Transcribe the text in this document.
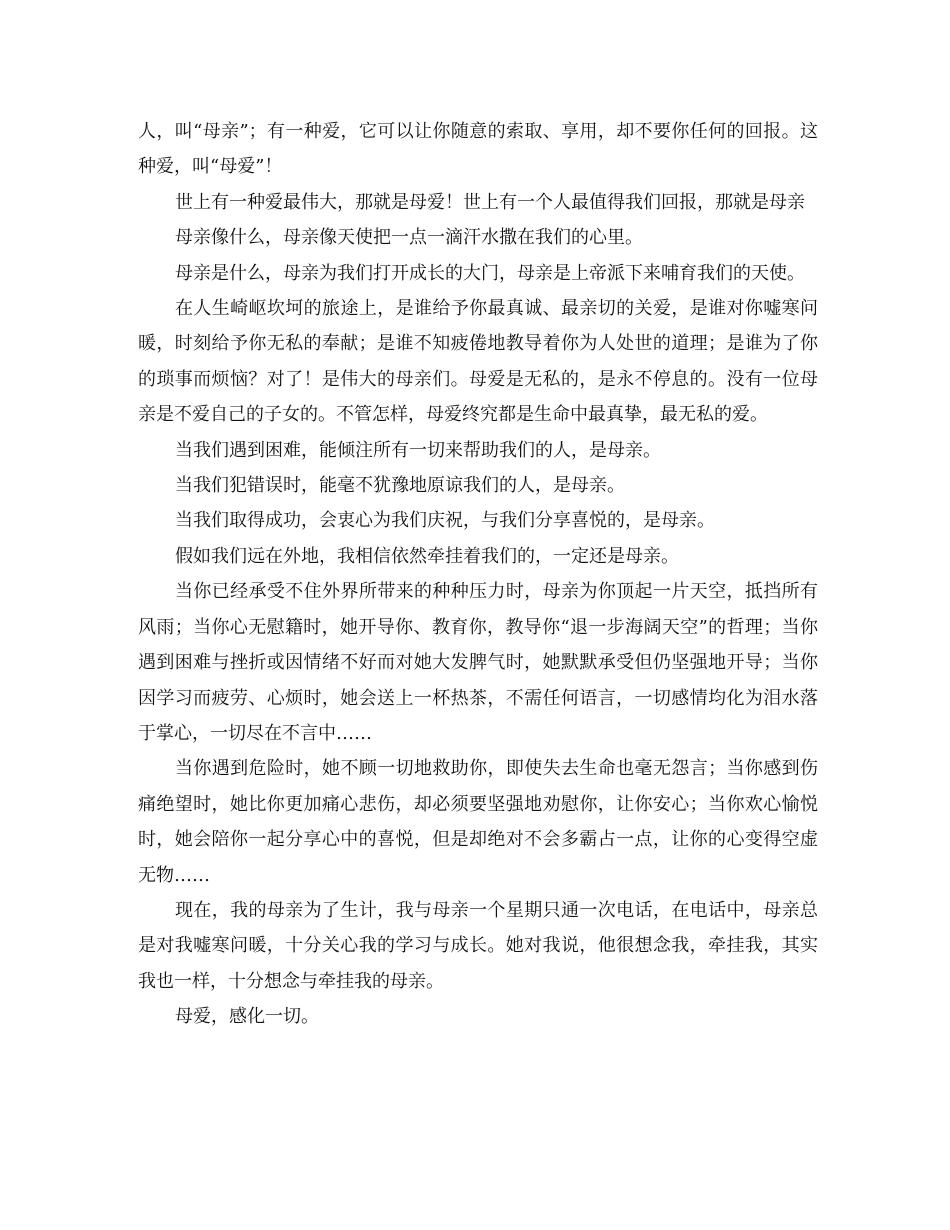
人，叫“母亲”；有一种爱，它可以让你随意的索取、享用，却不要你任何的回报。这种爱，叫“母爱”！

世上有一种爱最伟大，那就是母爱！世上有一个人最值得我们回报，那就是母亲

母亲像什么，母亲像天使把一点一滴汗水撒在我们的心里。

母亲是什么，母亲为我们打开成长的大门，母亲是上帝派下来哺育我们的天使。

在人生崎岖坎坷的旅途上，是谁给予你最真诚、最亲切的关爱，是谁对你嘘寒问暖，时刻给予你无私的奉献；是谁不知疲倦地教导着你为人处世的道理；是谁为了你的琐事而烦恼？对了！是伟大的母亲们。母爱是无私的，是永不停息的。没有一位母亲是不爱自己的子女的。不管怎样，母爱终究都是生命中最真挚，最无私的爱。

当我们遇到困难，能倾注所有一切来帮助我们的人，是母亲。

当我们犯错误时，能毫不犹豫地原谅我们的人，是母亲。

当我们取得成功，会衷心为我们庆祝，与我们分享喜悦的，是母亲。

假如我们远在外地，我相信依然牵挂着我们的，一定还是母亲。

当你已经承受不住外界所带来的种种压力时，母亲为你顶起一片天空，抵挡所有风雨；当你心无慰籍时，她开导你、教育你，教导你“退一步海阔天空”的哲理；当你遇到困难与挫折或因情绪不好而对她大发脾气时，她默默承受但仍坚强地开导；当你因学习而疲劳、心烦时，她会送上一杯热茶，不需任何语言，一切感情均化为泪水落于掌心，一切尽在不言中……

当你遇到危险时，她不顾一切地救助你，即使失去生命也毫无怨言；当你感到伤痛绝望时，她比你更加痛心悲伤，却必须要坚强地劝慰你，让你安心；当你欢心愉悦时，她会陪你一起分享心中的喜悦，但是却绝对不会多霸占一点，让你的心变得空虚无物……

现在，我的母亲为了生计，我与母亲一个星期只通一次电话，在电话中，母亲总是对我嘘寒问暖，十分关心我的学习与成长。她对我说，他很想念我，牵挂我，其实我也一样，十分想念与牵挂我的母亲。

母爱，感化一切。
